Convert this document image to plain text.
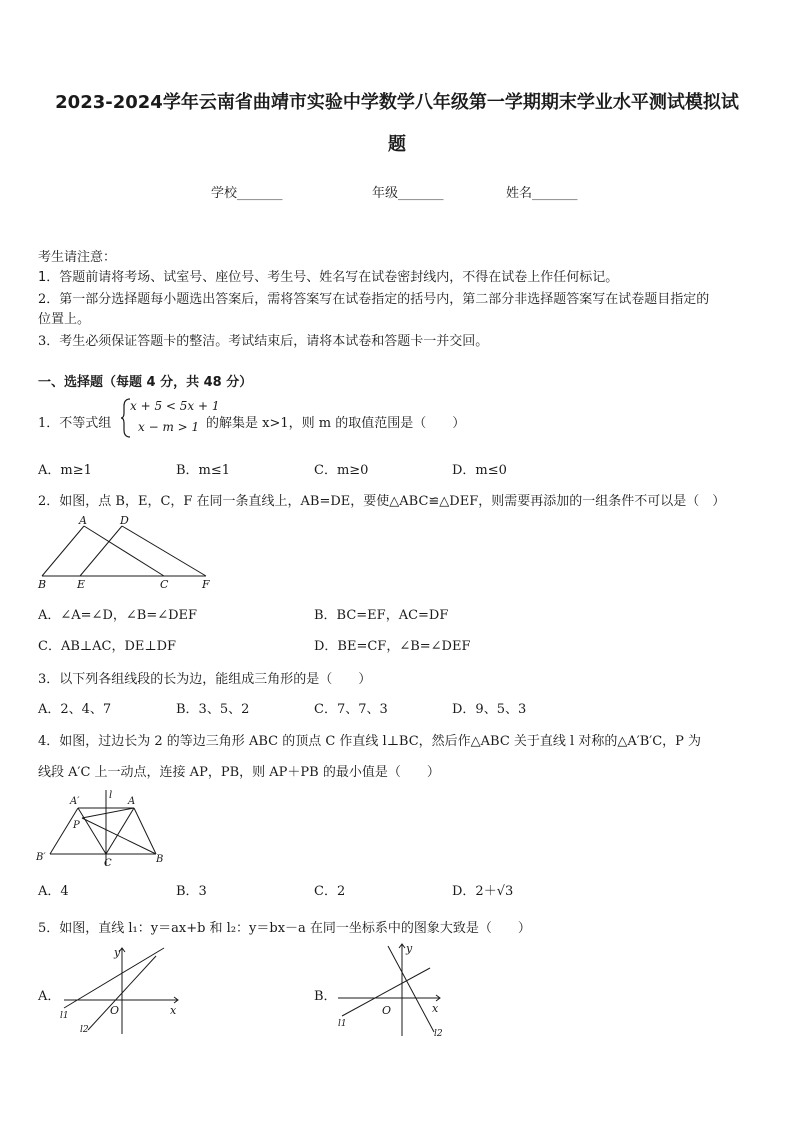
2023-2024学年云南省曲靖市实验中学数学八年级第一学期期末学业水平测试模拟试
题
学校_______	年级_______	姓名_______
考生请注意：
1．答题前请将考场、试室号、座位号、考生号、姓名写在试卷密封线内，不得在试卷上作任何标记。
2．第一部分选择题每小题选出答案后，需将答案写在试卷指定的括号内，第二部分非选择题答案写在试卷题目指定的
位置上。
3．考生必须保证答题卡的整洁。考试结束后，请将本试卷和答题卡一并交回。
一、选择题（每题 4 分，共 48 分）
1．不等式组
x + 5 < 5x + 1
x − m > 1 的解集是 x>1，则 m 的取值范围是（　　）
A．m≥1	B．m≤1	C．m≥0	D．m≤0
2．如图，点 B，E，C，F 在同一条直线上，AB=DE，要使△ABC≌△DEF，则需要再添加的一组条件不可以是（　）
A	D
B	E	C	F
A．∠A=∠D，∠B=∠DEF	B．BC=EF，AC=DF
C．AB⊥AC，DE⊥DF	D．BE=CF，∠B=∠DEF
3．以下列各组线段的长为边，能组成三角形的是（　　）
A．2、4、7	B．3、5、2	C．7、7、3	D．9、5、3
4．如图，过边长为 2 的等边三角形 ABC 的顶点 C 作直线 l⊥BC，然后作△ABC 关于直线 l 对称的△A′B′C，P 为
线段 A′C 上一动点，连接 AP，PB，则 AP＋PB 的最小值是（　　）
A′
l
A
P
B′
C	B
A．4	B．3	C．2	D．2＋√3
5．如图，直线 l₁：y＝ax+b 和 l₂：y＝bx－a 在同一坐标系中的图象大致是（　　）
A．
y
x
O
l1
l2
B．
y
x
O
l1
l2
